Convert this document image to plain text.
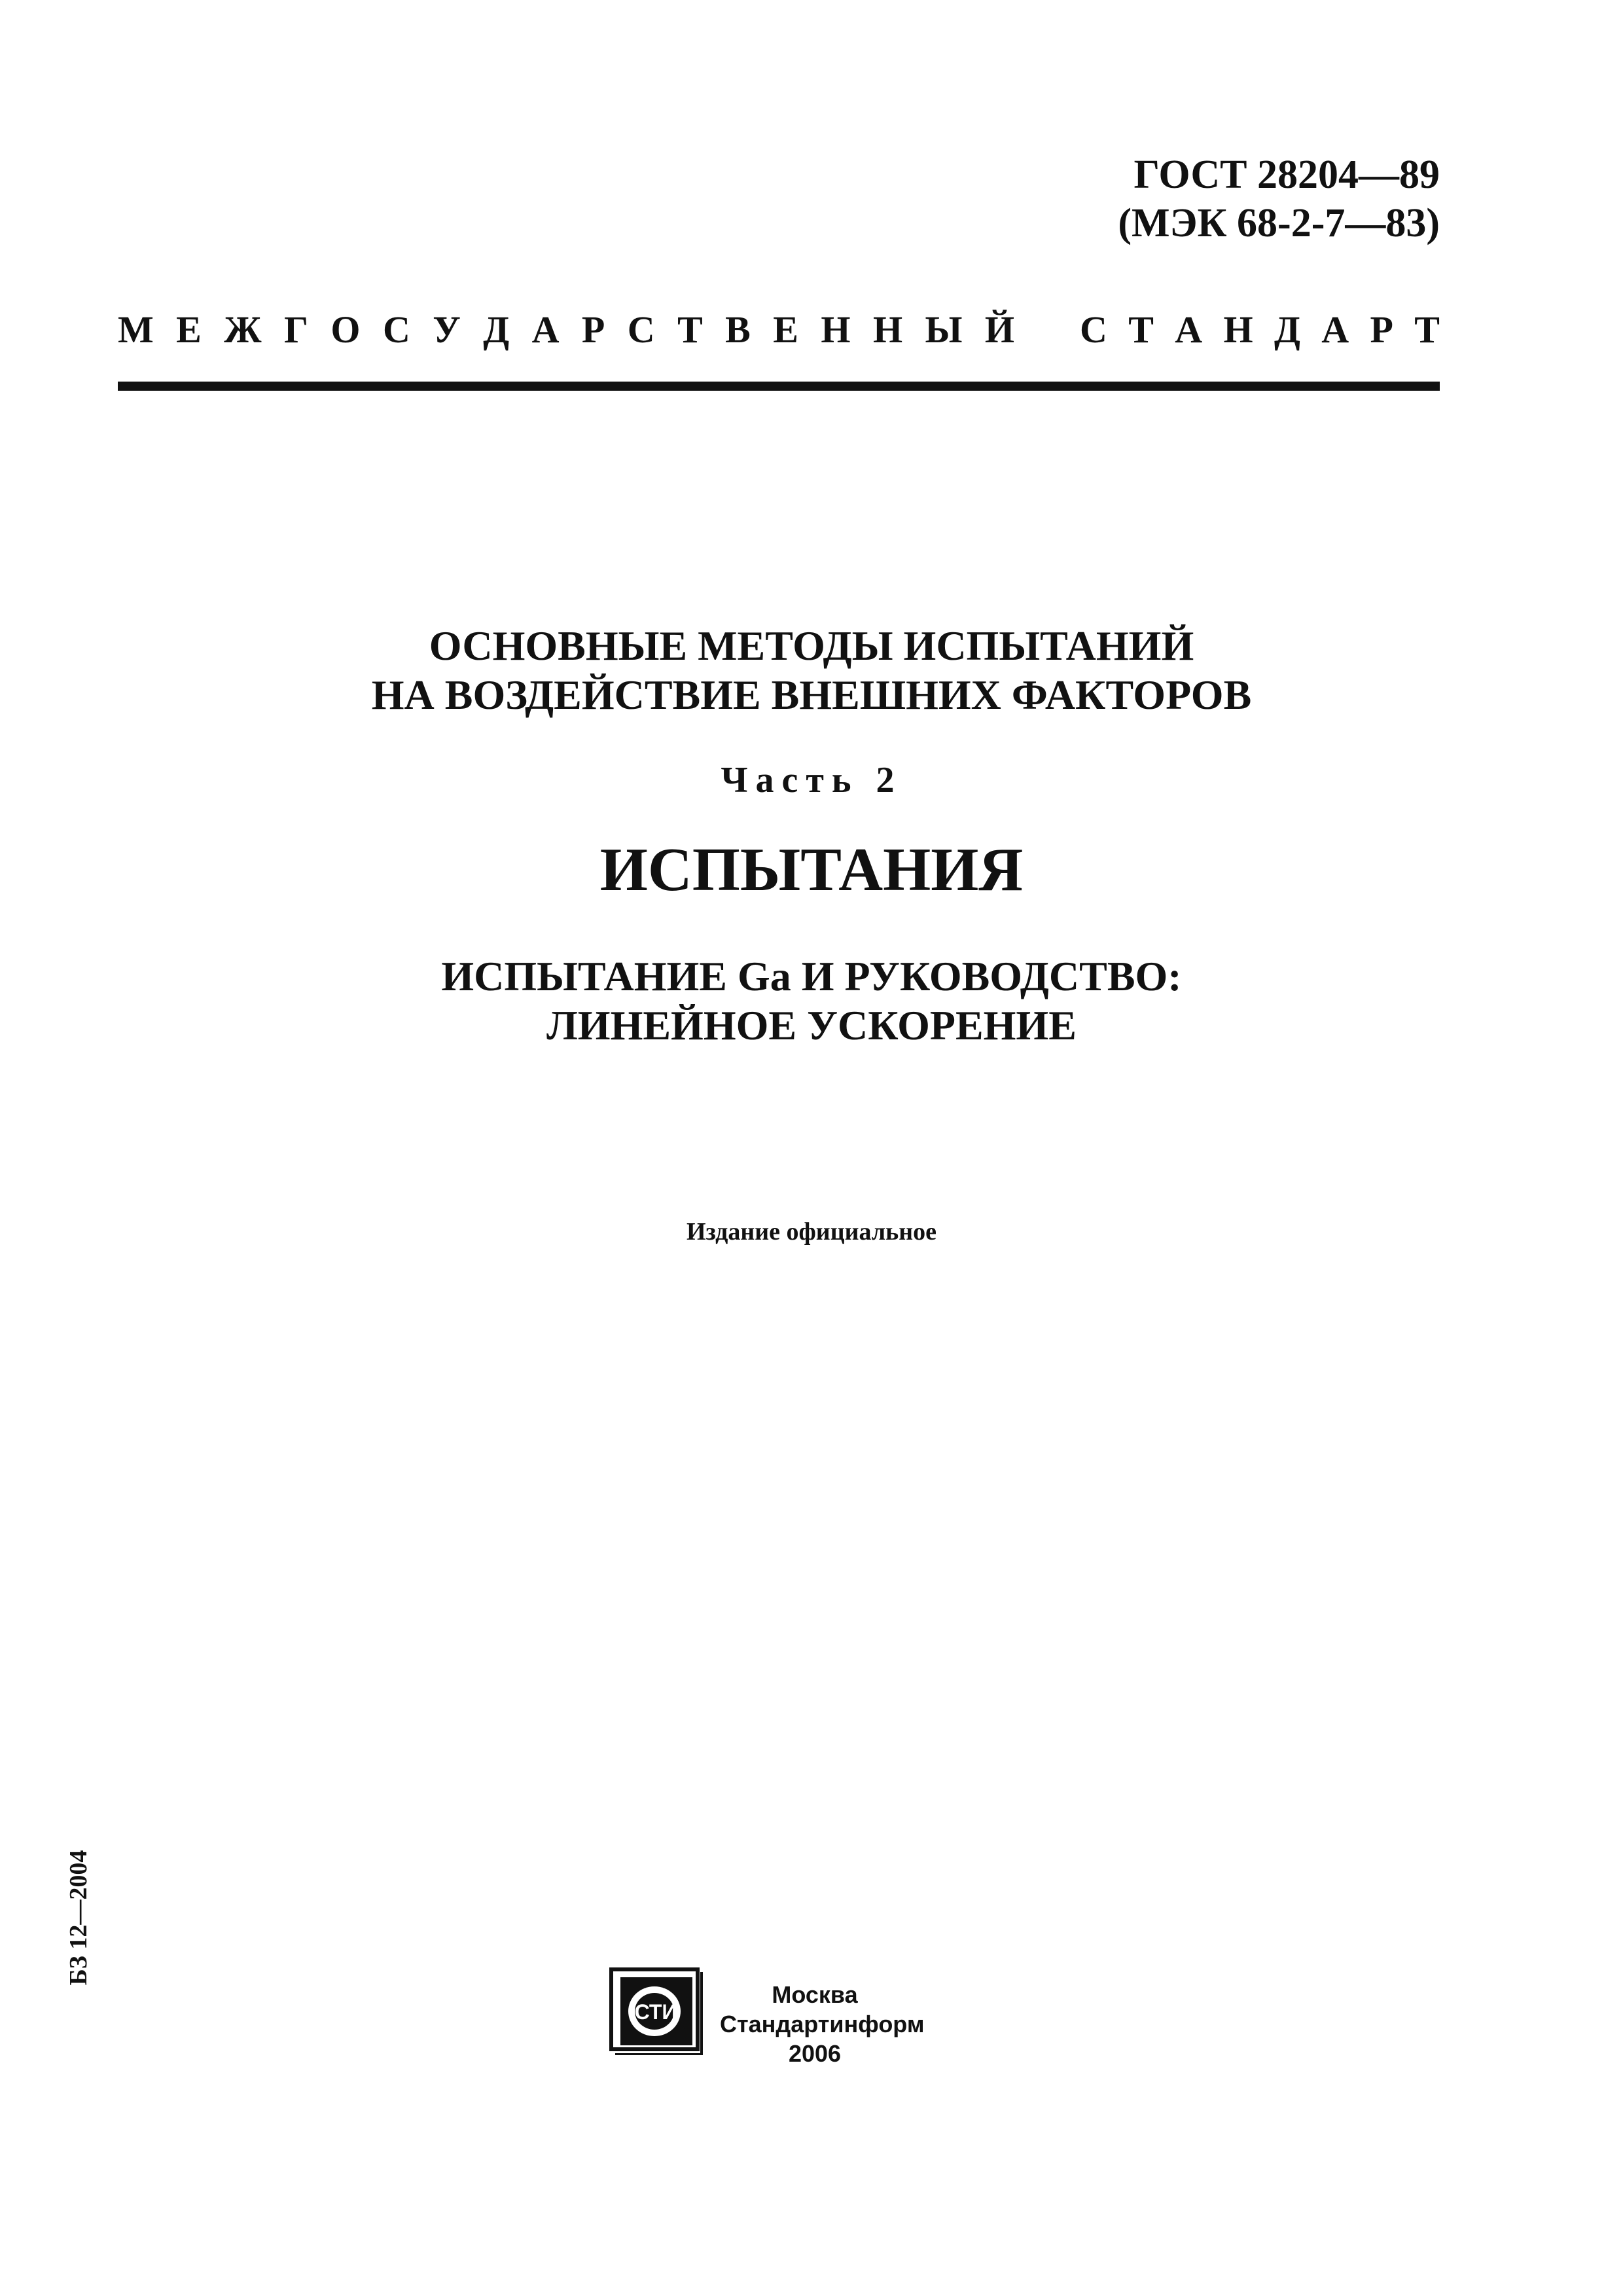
ГОСТ 28204—89
(МЭК 68-2-7—83)
М Е Ж Г О С У Д А Р С Т В Е Н Н Ы Й С Т А Н Д А Р Т
ОСНОВНЫЕ МЕТОДЫ ИСПЫТАНИЙ
НА ВОЗДЕЙСТВИЕ ВНЕШНИХ ФАКТОРОВ
Часть 2
ИСПЫТАНИЯ
ИСПЫТАНИЕ Ga И РУКОВОДСТВО:
ЛИНЕЙНОЕ УСКОРЕНИЕ
Издание официальное
БЗ 12—2004
СТИ
Москва
Стандартинформ
2006
